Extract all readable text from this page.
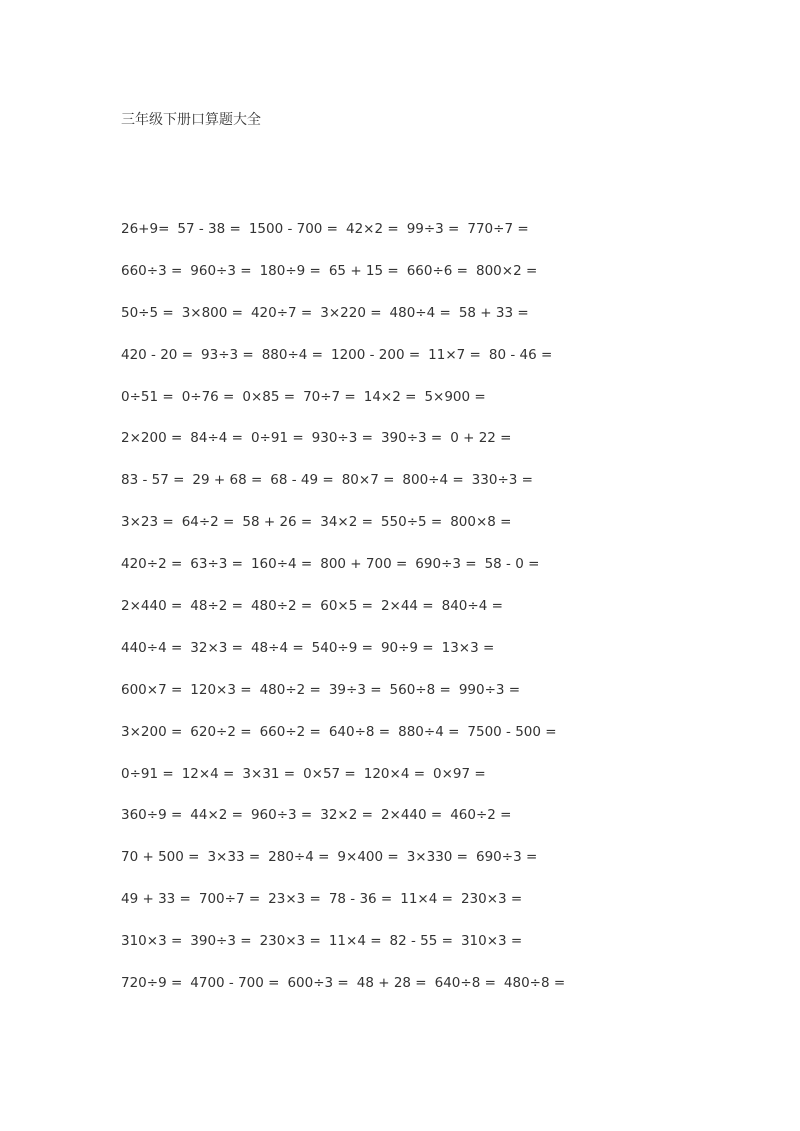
三年级下册口算题大全
26+9= 57 - 38 = 1500 - 700 = 42×2 = 99÷3 = 770÷7 =
660÷3 = 960÷3 = 180÷9 = 65 + 15 = 660÷6 = 800×2 =
50÷5 = 3×800 = 420÷7 = 3×220 = 480÷4 = 58 + 33 =
420 - 20 = 93÷3 = 880÷4 = 1200 - 200 = 11×7 = 80 - 46 =
0÷51 = 0÷76 = 0×85 = 70÷7 = 14×2 = 5×900 =
2×200 = 84÷4 = 0÷91 = 930÷3 = 390÷3 = 0 + 22 =
83 - 57 = 29 + 68 = 68 - 49 = 80×7 = 800÷4 = 330÷3 =
3×23 = 64÷2 = 58 + 26 = 34×2 = 550÷5 = 800×8 =
420÷2 = 63÷3 = 160÷4 = 800 + 700 = 690÷3 = 58 - 0 =
2×440 = 48÷2 = 480÷2 = 60×5 = 2×44 = 840÷4 =
440÷4 = 32×3 = 48÷4 = 540÷9 = 90÷9 = 13×3 =
600×7 = 120×3 = 480÷2 = 39÷3 = 560÷8 = 990÷3 =
3×200 = 620÷2 = 660÷2 = 640÷8 = 880÷4 = 7500 - 500 =
0÷91 = 12×4 = 3×31 = 0×57 = 120×4 = 0×97 =
360÷9 = 44×2 = 960÷3 = 32×2 = 2×440 = 460÷2 =
70 + 500 = 3×33 = 280÷4 = 9×400 = 3×330 = 690÷3 =
49 + 33 = 700÷7 = 23×3 = 78 - 36 = 11×4 = 230×3 =
310×3 = 390÷3 = 230×3 = 11×4 = 82 - 55 = 310×3 =
720÷9 = 4700 - 700 = 600÷3 = 48 + 28 = 640÷8 = 480÷8 =
